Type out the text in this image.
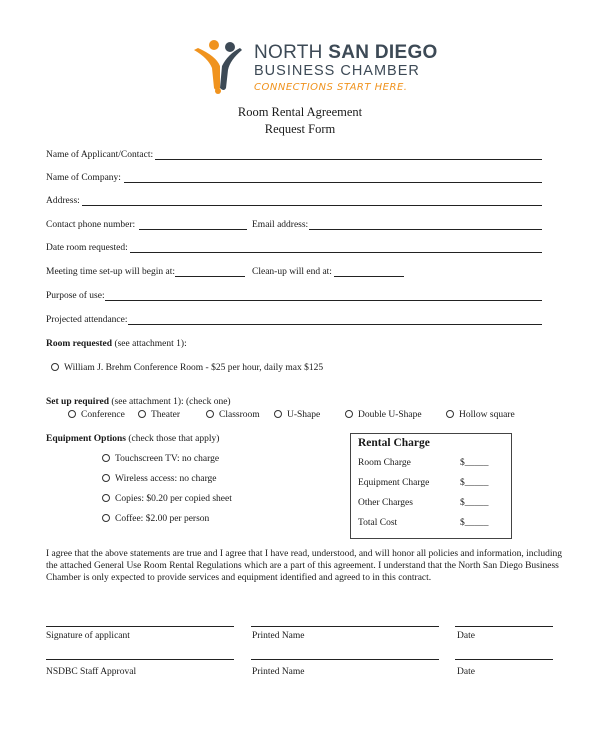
NORTH SAN DIEGO
BUSINESS CHAMBER
CONNECTIONS START HERE.
Room Rental Agreement
Request Form
Name of Applicant/Contact:
Name of Company:
Address:
Contact phone number:	Email address:
Date room requested:
Meeting time set-up will begin at:	Clean-up will end at:
Purpose of use:
Projected attendance:
Room requested (see attachment 1):
William J. Brehm Conference Room - $25 per hour, daily max $125
Set up required (see attachment 1): (check one)
Conference	Theater	Classroom	U-Shape	Double U-Shape	Hollow square
Equipment Options (check those that apply)
Touchscreen TV: no charge
Wireless access: no charge
Copies: $0.20 per copied sheet
Coffee: $2.00 per person
Rental Charge
Room Charge	$_____
Equipment Charge	$_____
Other Charges	$_____
Total Cost	$_____
I agree that the above statements are true and I agree that I have read, understood, and will honor all policies and information, including
the attached General Use Room Rental Regulations which are a part of this agreement. I understand that the North San Diego Business
Chamber is only expected to provide services and equipment identified and agreed to in this contract.
Signature of applicant	Printed Name	Date
NSDBC Staff Approval	Printed Name	Date
